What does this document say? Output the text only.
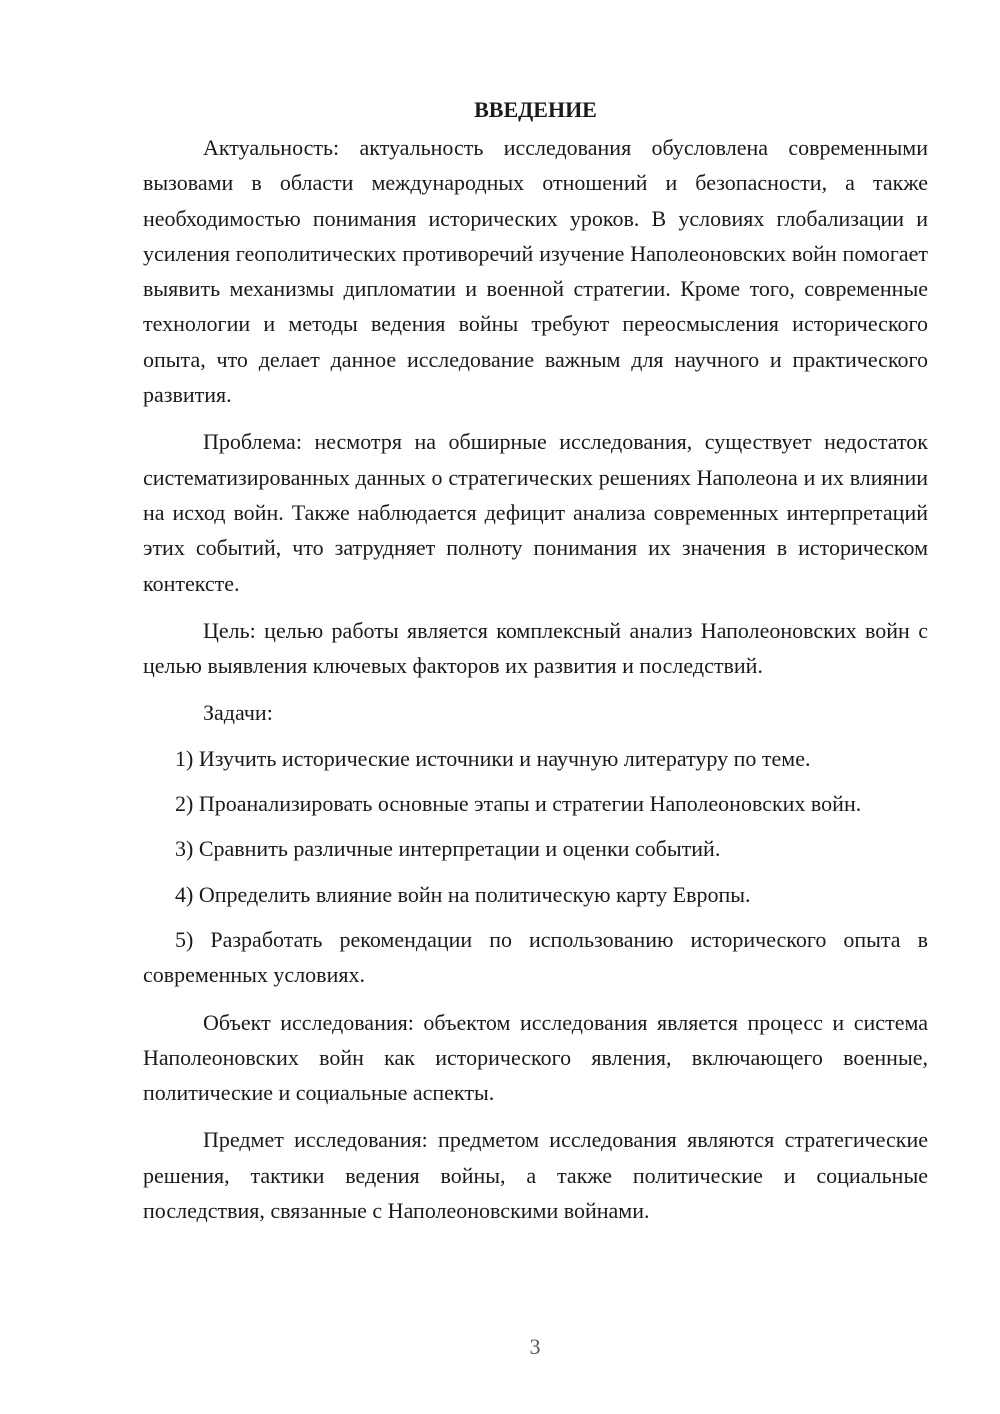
ВВЕДЕНИЕ

Актуальность: актуальность исследования обусловлена современными вызовами в области международных отношений и безопасности, а также необходимостью понимания исторических уроков. В условиях глобализации и усиления геополитических противоречий изучение Наполеоновских войн помогает выявить механизмы дипломатии и военной стратегии. Кроме того, современные технологии и методы ведения войны требуют переосмысления исторического опыта, что делает данное исследование важным для научного и практического развития.

Проблема: несмотря на обширные исследования, существует недостаток систематизированных данных о стратегических решениях Наполеона и их влиянии на исход войн. Также наблюдается дефицит анализа современных интерпретаций этих событий, что затрудняет полноту понимания их значения в историческом контексте.

Цель: целью работы является комплексный анализ Наполеоновских войн с целью выявления ключевых факторов их развития и последствий.

Задачи:

1) Изучить исторические источники и научную литературу по теме.

2) Проанализировать основные этапы и стратегии Наполеоновских войн.

3) Сравнить различные интерпретации и оценки событий.

4) Определить влияние войн на политическую карту Европы.

5) Разработать рекомендации по использованию исторического опыта в современных условиях.

Объект исследования: объектом исследования является процесс и система Наполеоновских войн как исторического явления, включающего военные, политические и социальные аспекты.

Предмет исследования: предметом исследования являются стратегические решения, тактики ведения войны, а также политические и социальные последствия, связанные с Наполеоновскими войнами.

3
